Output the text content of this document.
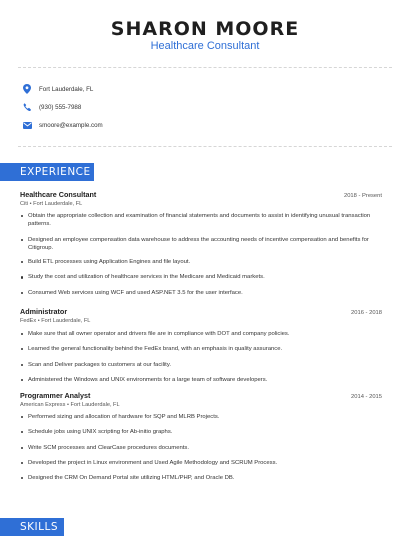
SHARON MOORE
Healthcare Consultant
Fort Lauderdale, FL
(930) 555-7988
smoore@example.com
EXPERIENCE
Healthcare Consultant	2018 - Present
Citi • Fort Lauderdale, FL
Obtain the appropriate collection and examination of financial statements and documents to assist in identifying unusual transaction patterns.
Designed an employee compensation data warehouse to address the accounting needs of incentive compensation and benefits for Citigroup.
Build ETL processes using Application Engines and file layout.
Study the cost and utilization of healthcare services in the Medicare and Medicaid markets.
Consumed Web services using WCF and used ASP.NET 3.5 for the user interface.
Administrator	2016 - 2018
FedEx • Fort Lauderdale, FL
Make sure that all owner operator and drivers file are in compliance with DOT and company policies.
Learned the general functionality behind the FedEx brand, with an emphasis in quality assurance.
Scan and Deliver packages to customers at our facility.
Administered the Windows and UNIX environments for a large team of software developers.
Programmer Analyst	2014 - 2015
American Express • Fort Lauderdale, FL
Performed sizing and allocation of hardware for SQP and MLRB Projects.
Schedule jobs using UNIX scripting for Ab-initio graphs.
Write SCM processes and ClearCase procedures documents.
Developed the project in Linux environment and Used Agile Methodology and SCRUM Process.
Designed the CRM On Demand Portal site utilizing HTML/PHP, and Oracle DB.
SKILLS
